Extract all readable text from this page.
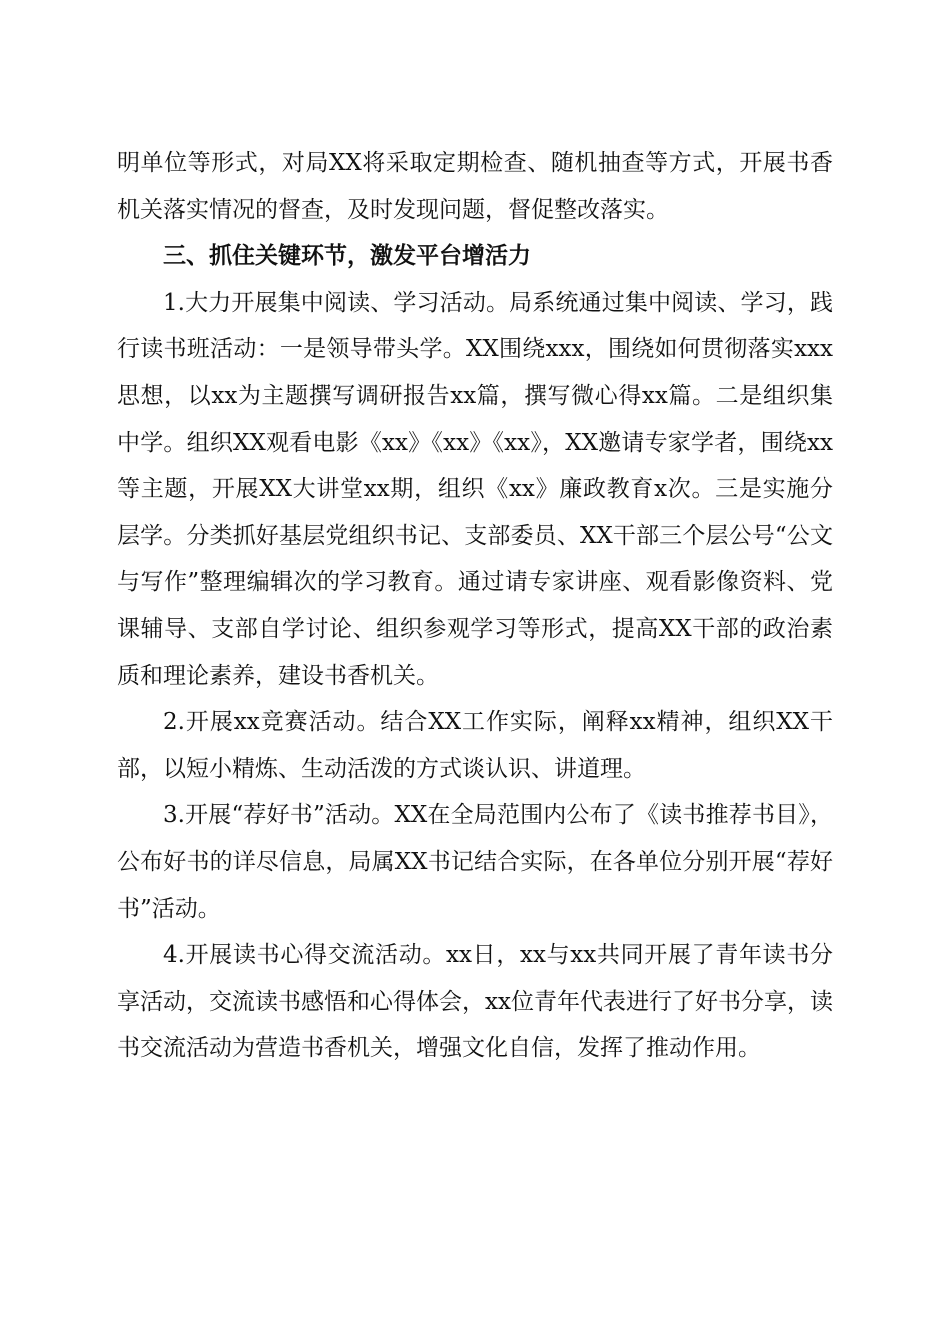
明单位等形式，对局XX将采取定期检查、随机抽查等方式，开展书香机关落实情况的督查，及时发现问题，督促整改落实。

三、抓住关键环节，激发平台增活力

1.大力开展集中阅读、学习活动。局系统通过集中阅读、学习，践行读书班活动：一是领导带头学。XX围绕xxx，围绕如何贯彻落实xxx思想，以xx为主题撰写调研报告xx篇，撰写微心得xx篇。二是组织集中学。组织XX观看电影《xx》《xx》《xx》，XX邀请专家学者，围绕xx等主题，开展XX大讲堂xx期，组织《xx》廉政教育x次。三是实施分层学。分类抓好基层党组织书记、支部委员、XX干部三个层公号“公文与写作”整理编辑次的学习教育。通过请专家讲座、观看影像资料、党课辅导、支部自学讨论、组织参观学习等形式，提高XX干部的政治素质和理论素养，建设书香机关。

2.开展xx竞赛活动。结合XX工作实际，阐释xx精神，组织XX干部，以短小精炼、生动活泼的方式谈认识、讲道理。

3.开展“荐好书”活动。XX在全局范围内公布了《读书推荐书目》，公布好书的详尽信息，局属XX书记结合实际，在各单位分别开展“荐好书”活动。

4.开展读书心得交流活动。xx日，xx与xx共同开展了青年读书分享活动，交流读书感悟和心得体会，xx位青年代表进行了好书分享，读书交流活动为营造书香机关，增强文化自信，发挥了推动作用。
